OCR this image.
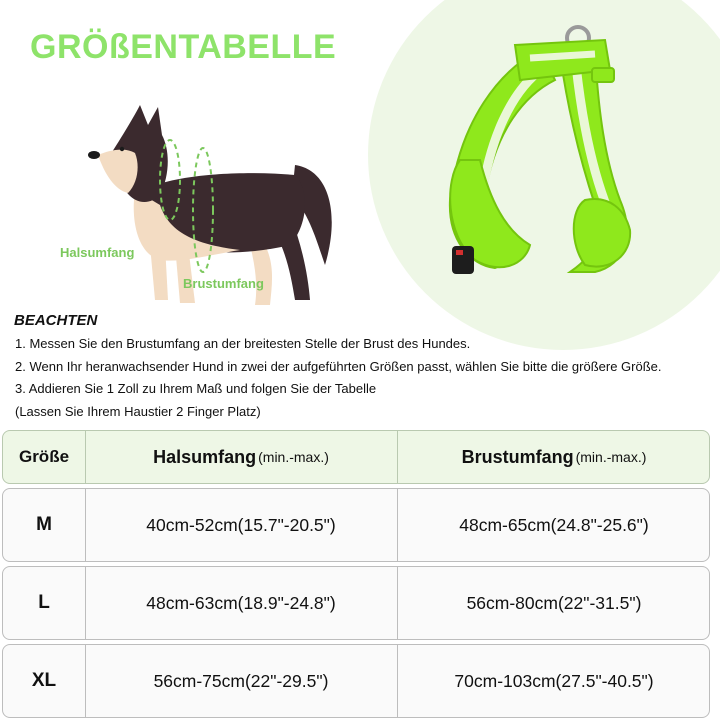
GRÖßENTABELLE
Halsumfang
Brustumfang
BEACHTEN
1. Messen Sie den Brustumfang an der breitesten Stelle der Brust des Hundes.
2. Wenn Ihr heranwachsender Hund in zwei der aufgeführten Größen passt, wählen Sie bitte die größere Größe.
3. Addieren Sie 1 Zoll zu Ihrem Maß und folgen Sie der Tabelle
(Lassen Sie Ihrem Haustier 2 Finger Platz)
Größe	Halsumfang (min.-max.)	Brustumfang (min.-max.)
M	40cm-52cm(15.7"-20.5")	48cm-65cm(24.8"-25.6")
L	48cm-63cm(18.9"-24.8")	56cm-80cm(22"-31.5")
XL	56cm-75cm(22"-29.5")	70cm-103cm(27.5"-40.5")
